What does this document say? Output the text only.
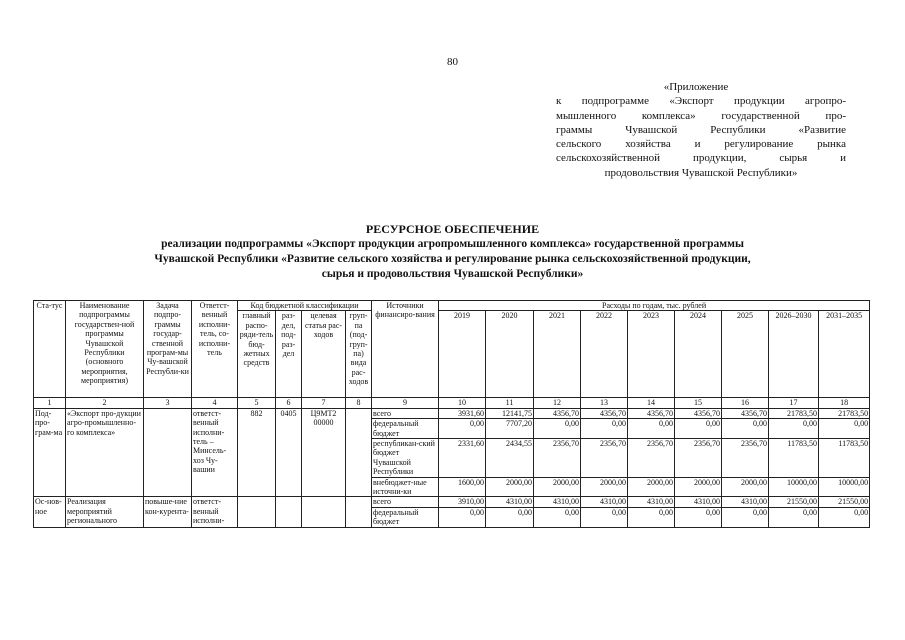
80
«Приложение
к подпрограмме «Экспорт продукции агропро-
мышленного комплекса» государственной про-
граммы Чувашской Республики «Развитие
сельского хозяйства и регулирование рынка
сельскохозяйственной продукции, сырья и
продовольствия Чувашской Республики»
РЕСУРСНОЕ ОБЕСПЕЧЕНИЕ
реализации подпрограммы «Экспорт продукции агропромышленного комплекса» государственной программы
Чувашской Республики «Развитие сельского хозяйства и регулирование рынка сельскохозяйственной продукции,
сырья и продовольствия Чувашской Республики»
Ста-тус	Наименование подпрограммы государствен-ной программы Чувашской Республики (основного мероприятия, мероприятия)	Задача подпро-граммы государ-ственной програм-мы Чу-вашской Республи-ки	Ответст-венный исполни-тель, со-исполни-тель	Код бюджетной классификации				Источники финансиро-вания	Расходы по годам, тыс. рублей								
				главный распо-ряди-тель бюд-жетных средств	раз-дел, под-раз-дел	целевая статья рас-ходов	груп-па (под-груп-па) вида рас-ходов		2019	2020	2021	2022	2023	2024	2025	2026–2030	2031–2035
1	2	3	4	5	6	7	8	9	10	11	12	13	14	15	16	17	18
Под-про-грам-ма	«Экспорт про-дукции агро-промышленно-го комплекса»		ответст-венный исполни-тель – Минсель-хоз Чу-вашии	882	0405	Ц9МТ2 00000		всего	3931,60	12141,75	4356,70	4356,70	4356,70	4356,70	4356,70	21783,50	21783,50
								федеральный бюджет	0,00	7707,20	0,00	0,00	0,00	0,00	0,00	0,00	0,00
								республикан-ский бюджет Чувашской Республики	2331,60	2434,55	2356,70	2356,70	2356,70	2356,70	2356,70	11783,50	11783,50
								внебюджет-ные источни-ки	1600,00	2000,00	2000,00	2000,00	2000,00	2000,00	2000,00	10000,00	10000,00
Ос-нов-ное	Реализация мероприятий регионального	повыше-ние кон-курента-	ответст-венный исполни-					всего	3910,00	4310,00	4310,00	4310,00	4310,00	4310,00	4310,00	21550,00	21550,00
								федеральный бюджет	0,00	0,00	0,00	0,00	0,00	0,00	0,00	0,00	0,00
